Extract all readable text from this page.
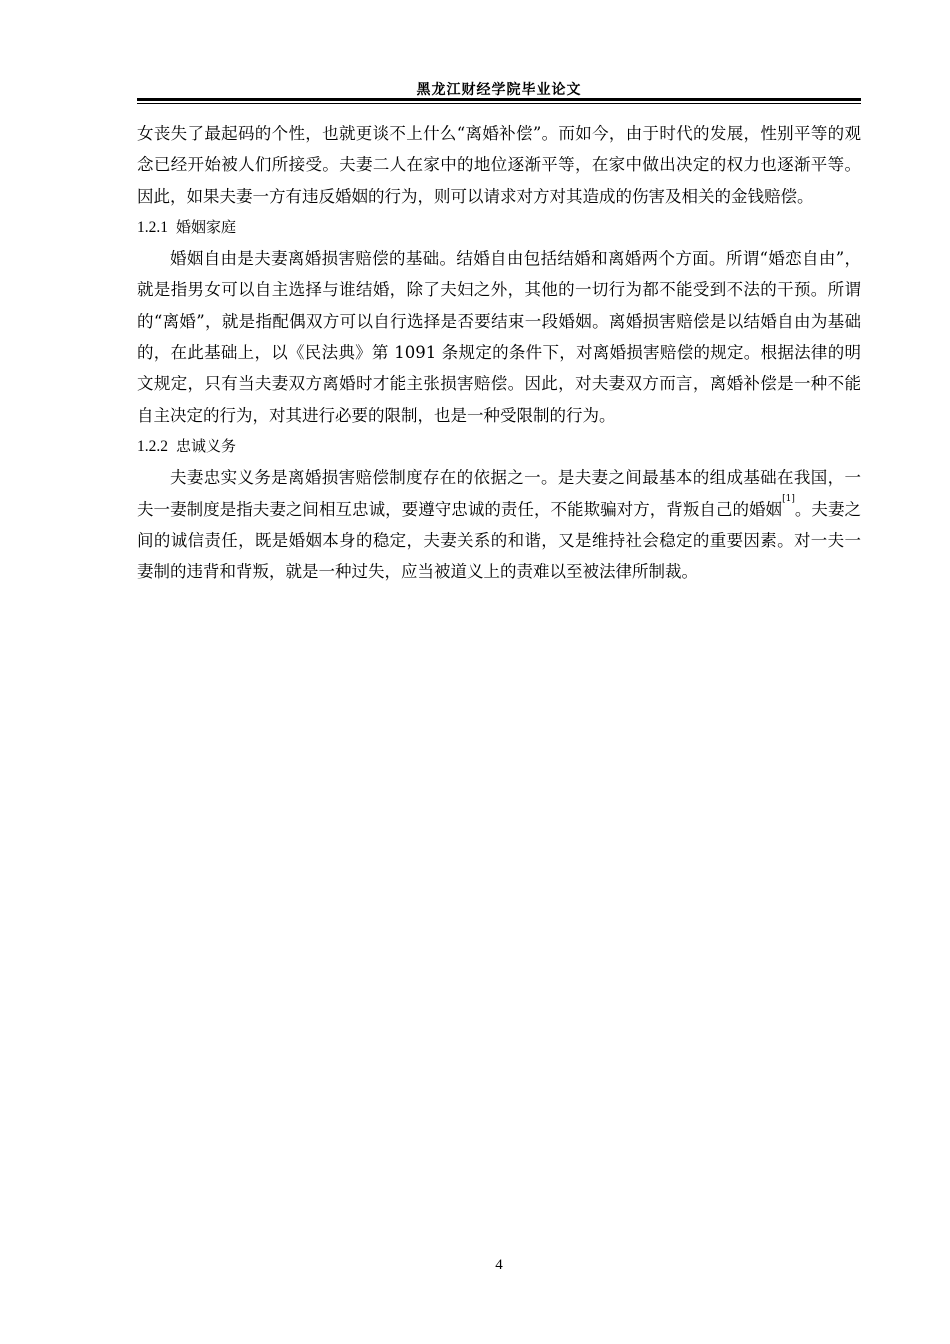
黑龙江财经学院毕业论文

女丧失了最起码的个性，也就更谈不上什么“离婚补偿”。而如今，由于时代的发展，性别平等的观念已经开始被人们所接受。夫妻二人在家中的地位逐渐平等，在家中做出决定的权力也逐渐平等。因此，如果夫妻一方有违反婚姻的行为，则可以请求对方对其造成的伤害及相关的金钱赔偿。

1.2.1 婚姻家庭

婚姻自由是夫妻离婚损害赔偿的基础。结婚自由包括结婚和离婚两个方面。所谓“婚恋自由”，就是指男女可以自主选择与谁结婚，除了夫妇之外，其他的一切行为都不能受到不法的干预。所谓的“离婚”，就是指配偶双方可以自行选择是否要结束一段婚姻。离婚损害赔偿是以结婚自由为基础的，在此基础上，以《民法典》第 1091 条规定的条件下，对离婚损害赔偿的规定。根据法律的明文规定，只有当夫妻双方离婚时才能主张损害赔偿。因此，对夫妻双方而言，离婚补偿是一种不能自主决定的行为，对其进行必要的限制，也是一种受限制的行为。

1.2.2 忠诚义务

夫妻忠实义务是离婚损害赔偿制度存在的依据之一。是夫妻之间最基本的组成基础在我国，一夫一妻制度是指夫妻之间相互忠诚，要遵守忠诚的责任，不能欺骗对方，背叛自己的婚姻[1]。夫妻之间的诚信责任，既是婚姻本身的稳定，夫妻关系的和谐，又是维持社会稳定的重要因素。对一夫一妻制的违背和背叛，就是一种过失，应当被道义上的责难以至被法律所制裁。

4
